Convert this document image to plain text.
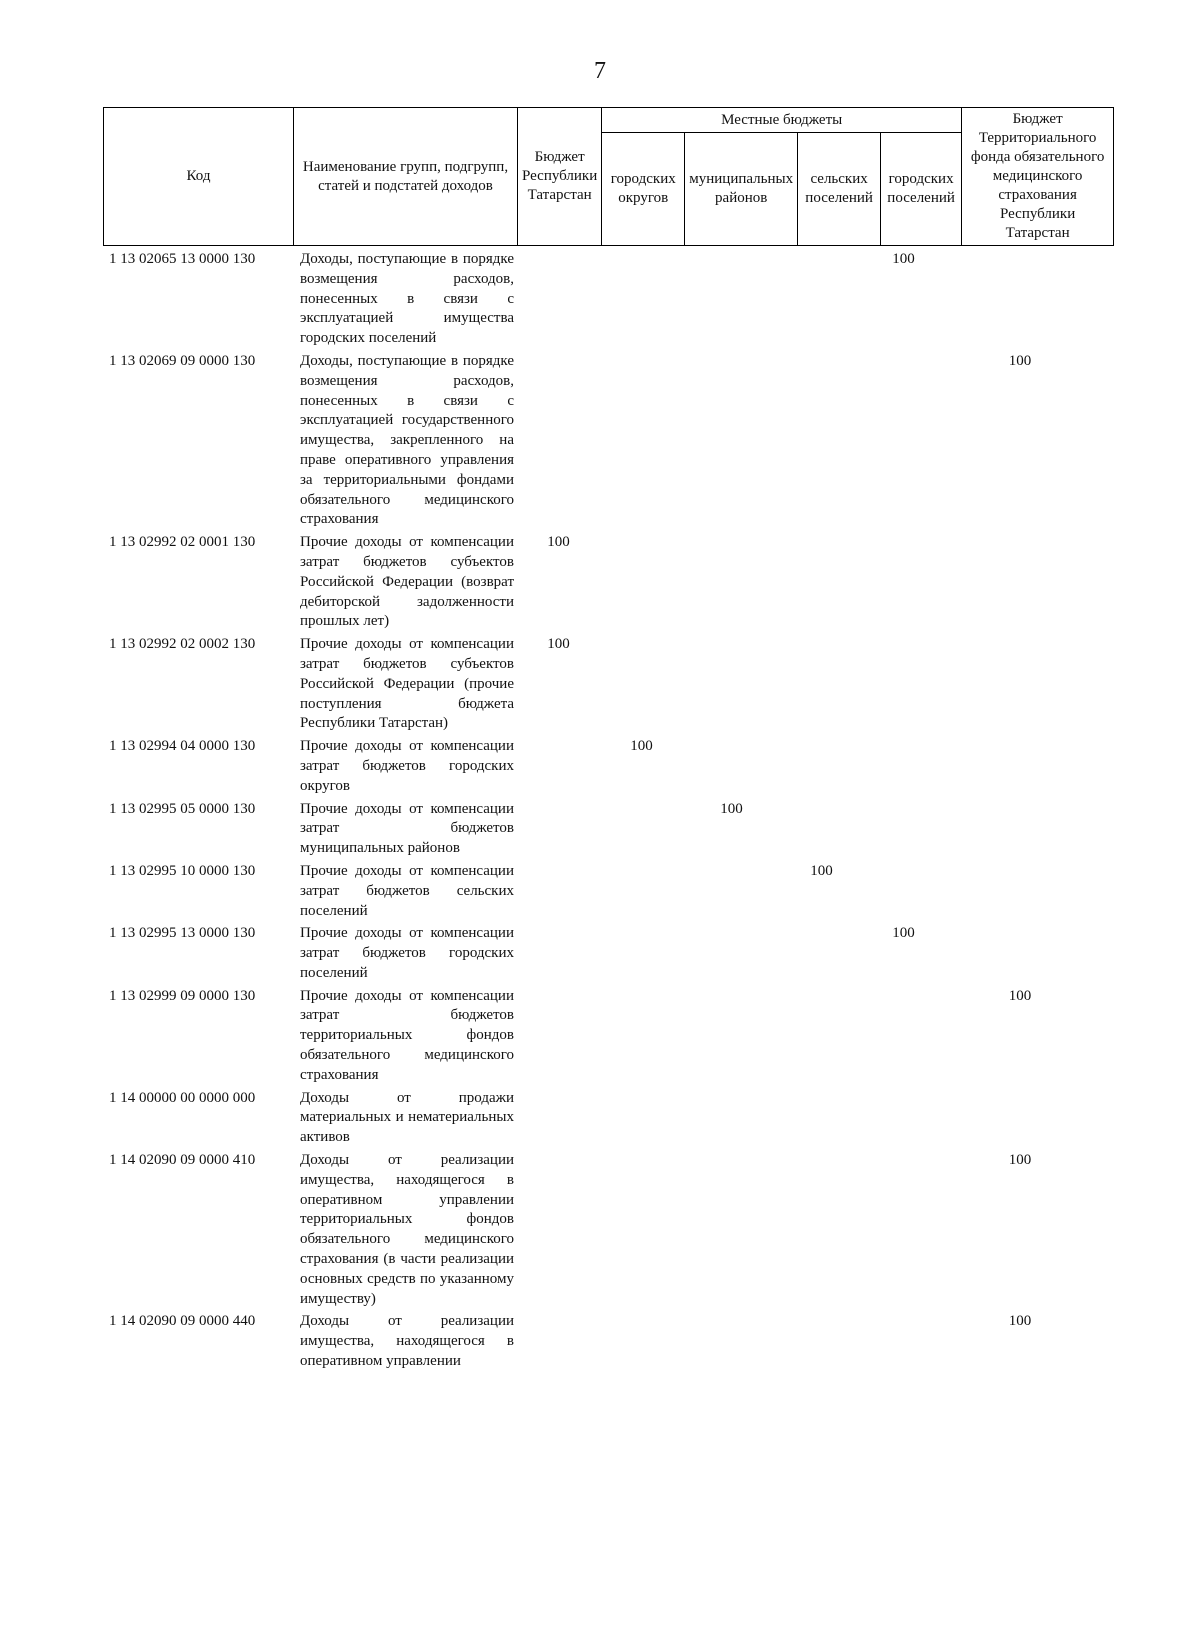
7
Код	Наименование групп, подгрупп, статей и подстатей доходов	Бюджет Республики Татарстан	Местные бюджеты				Бюджет Территориального фонда обязательного медицинского страхования Республики Татарстан
			городских округов	муниципальных районов	сельских поселений	городских поселений	
1 13 02065 13 0000 130	Доходы, поступающие в порядке возмещения расходов, понесенных в связи с эксплуатацией имущества городских поселений					100	
1 13 02069 09 0000 130	Доходы, поступающие в порядке возмещения расходов, понесенных в связи с эксплуатацией государственного имущества, закрепленного на праве оперативного управления за территориальными фондами обязательного медицинского страхования						100
1 13 02992 02 0001 130	Прочие доходы от компенсации затрат бюджетов субъектов Российской Федерации (возврат дебиторской задолженности прошлых лет)	100					
1 13 02992 02 0002 130	Прочие доходы от компенсации затрат бюджетов субъектов Российской Федерации (прочие поступления бюджета Республики Татарстан)	100					
1 13 02994 04 0000 130	Прочие доходы от компенсации затрат бюджетов городских округов		100				
1 13 02995 05 0000 130	Прочие доходы от компенсации затрат бюджетов муниципальных районов			100			
1 13 02995 10 0000 130	Прочие доходы от компенсации затрат бюджетов сельских поселений				100		
1 13 02995 13 0000 130	Прочие доходы от компенсации затрат бюджетов городских поселений					100	
1 13 02999 09 0000 130	Прочие доходы от компенсации затрат бюджетов территориальных фондов обязательного медицинского страхования						100
1 14 00000 00 0000 000	Доходы от продажи материальных и нематериальных активов						
1 14 02090 09 0000 410	Доходы от реализации имущества, находящегося в оперативном управлении территориальных фондов обязательного медицинского страхования (в части реализации основных средств по указанному имуществу)						100
1 14 02090 09 0000 440	Доходы от реализации имущества, находящегося в оперативном управлении						100
